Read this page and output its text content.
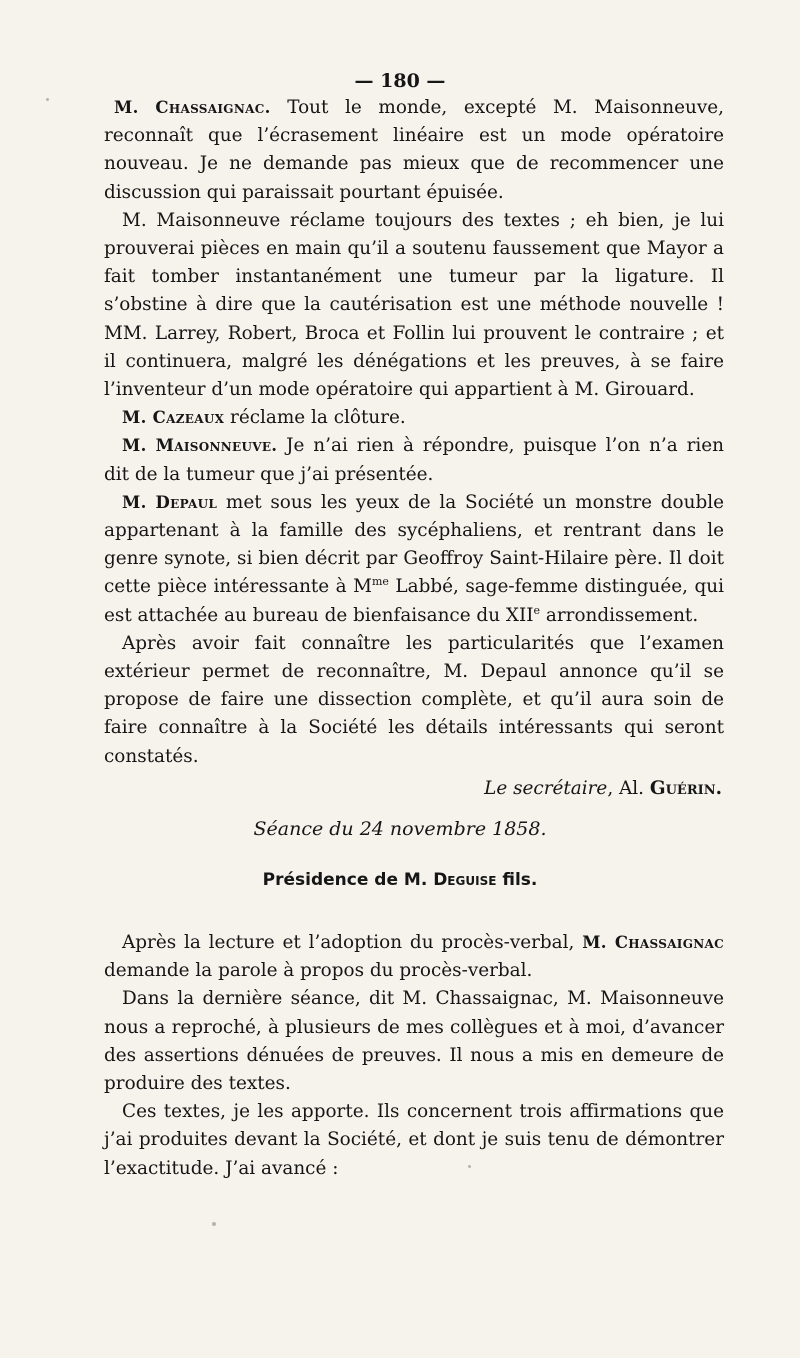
— 180 —

M. Chassaignac. Tout le monde, excepté M. Maisonneuve, reconnaît que l’écrasement linéaire est un mode opératoire nouveau. Je ne demande pas mieux que de recommencer une discussion qui paraissait pourtant épuisée.

M. Maisonneuve réclame toujours des textes ; eh bien, je lui prouverai pièces en main qu’il a soutenu faussement que Mayor a fait tomber instantanément une tumeur par la ligature. Il s’obstine à dire que la cautérisation est une méthode nouvelle ! MM. Larrey, Robert, Broca et Follin lui prouvent le contraire ; et il continuera, malgré les dénégations et les preuves, à se faire l’inventeur d’un mode opératoire qui appartient à M. Girouard.

M. Cazeaux réclame la clôture.

M. Maisonneuve. Je n’ai rien à répondre, puisque l’on n’a rien dit de la tumeur que j’ai présentée.

M. Depaul met sous les yeux de la Société un monstre double appartenant à la famille des sycéphaliens, et rentrant dans le genre synote, si bien décrit par Geoffroy Saint-Hilaire père. Il doit cette pièce intéressante à $M^{me}$ Labbé, sage-femme distinguée, qui est attachée au bureau de bienfaisance du XIIe arrondissement.

Après avoir fait connaître les particularités que l’examen extérieur permet de reconnaître, M. Depaul annonce qu’il se propose de faire une dissection complète, et qu’il aura soin de faire connaître à la Société les détails intéressants qui seront constatés.

Le secrétaire, Al. Guérin.

Séance du 24 novembre 1858.
Présidence de M. Deguise fils.

Après la lecture et l’adoption du procès-verbal, M. Chassaignac demande la parole à propos du procès-verbal.

Dans la dernière séance, dit M. Chassaignac, M. Maisonneuve nous a reproché, à plusieurs de mes collègues et à moi, d’avancer des assertions dénuées de preuves. Il nous a mis en demeure de produire des textes.

Ces textes, je les apporte. Ils concernent trois affirmations que j’ai produites devant la Société, et dont je suis tenu de démontrer l’exactitude. J’ai avancé :
